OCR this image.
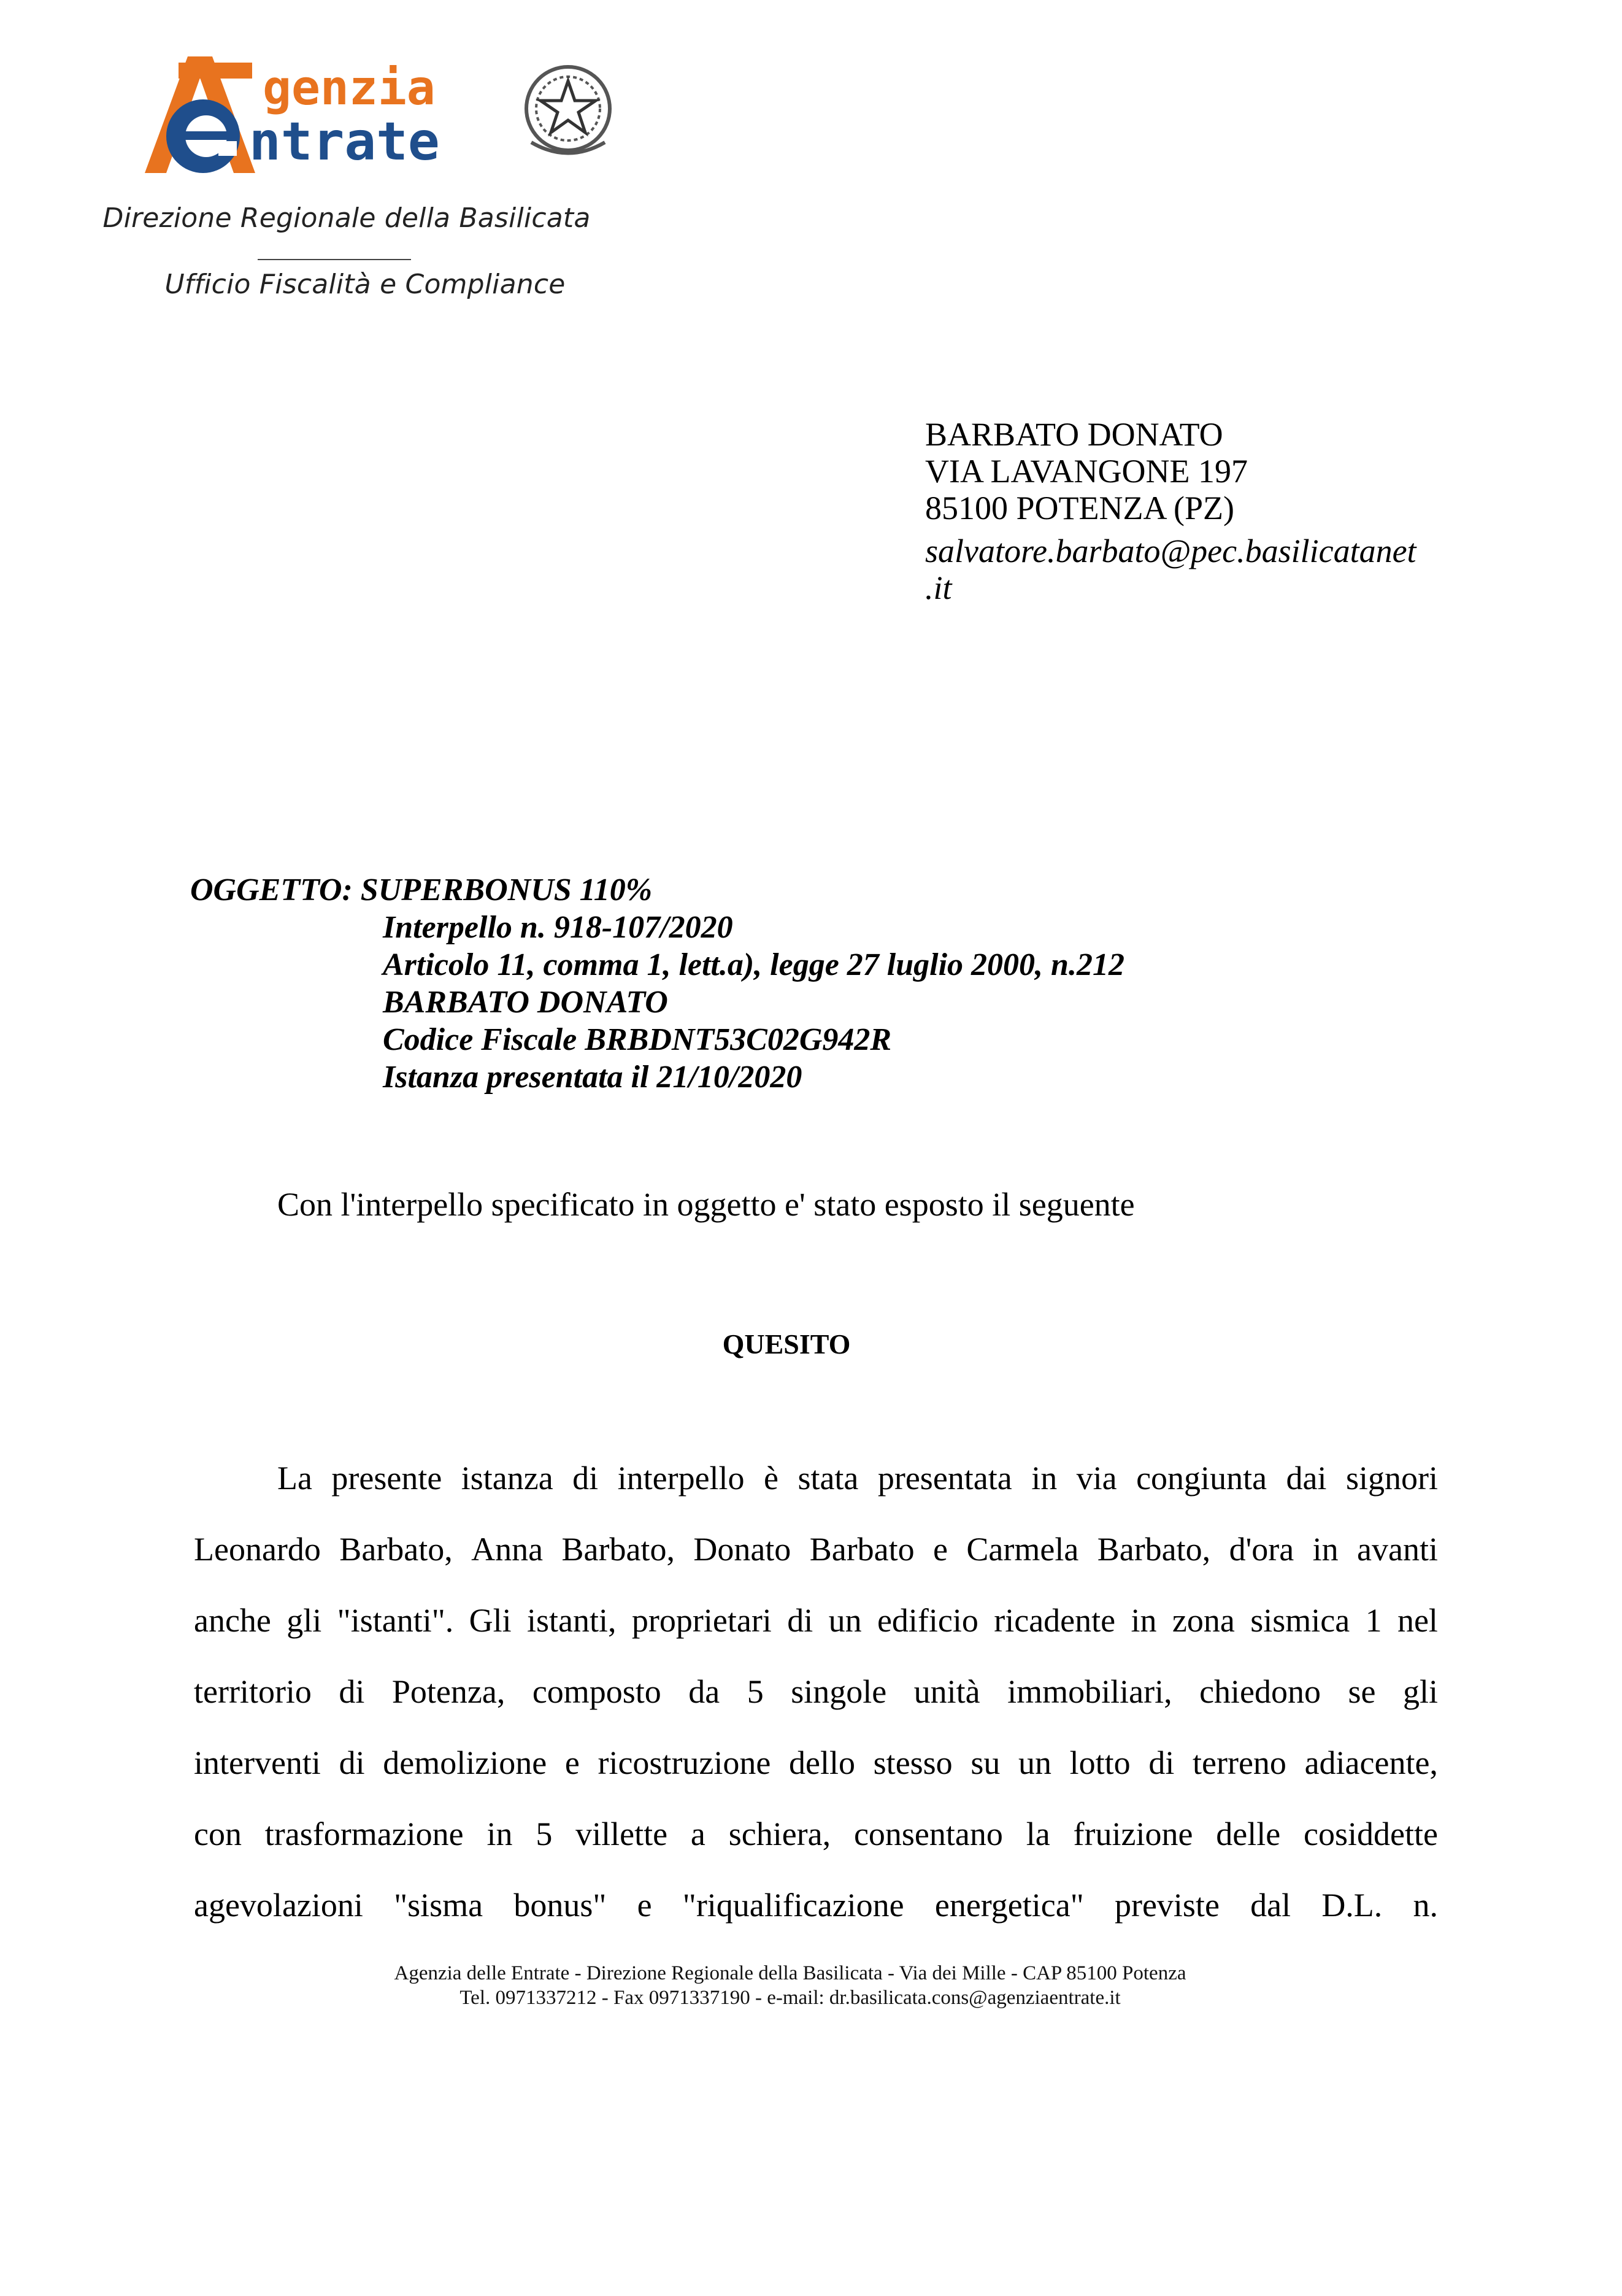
genzia
ntrate
Direzione Regionale della Basilicata
Ufficio Fiscalità e Compliance
BARBATO DONATO
VIA LAVANGONE 197
85100 POTENZA (PZ)
salvatore.barbato@pec.basilicatanet
.it
OGGETTO: SUPERBONUS 110%
Interpello n. 918-107/2020
Articolo 11, comma 1, lett.a), legge 27 luglio 2000, n.212
BARBATO DONATO
Codice Fiscale BRBDNT53C02G942R
Istanza presentata il 21/10/2020
Con l'interpello specificato in oggetto e' stato esposto il seguente
QUESITO
La presente istanza di interpello è stata presentata in via congiunta dai signori
Leonardo Barbato, Anna Barbato, Donato Barbato e Carmela Barbato, d'ora in avanti
anche gli "istanti". Gli istanti, proprietari di un edificio ricadente in zona sismica 1 nel
territorio di Potenza, composto da 5 singole unità immobiliari, chiedono se gli
interventi di demolizione e ricostruzione dello stesso su un lotto di terreno adiacente,
con trasformazione in 5 villette a schiera, consentano la fruizione delle cosiddette
agevolazioni "sisma bonus" e "riqualificazione energetica" previste dal D.L. n.
Agenzia delle Entrate - Direzione Regionale della Basilicata - Via dei Mille - CAP 85100 Potenza
Tel. 0971337212 - Fax 0971337190 - e-mail: dr.basilicata.cons@agenziaentrate.it
